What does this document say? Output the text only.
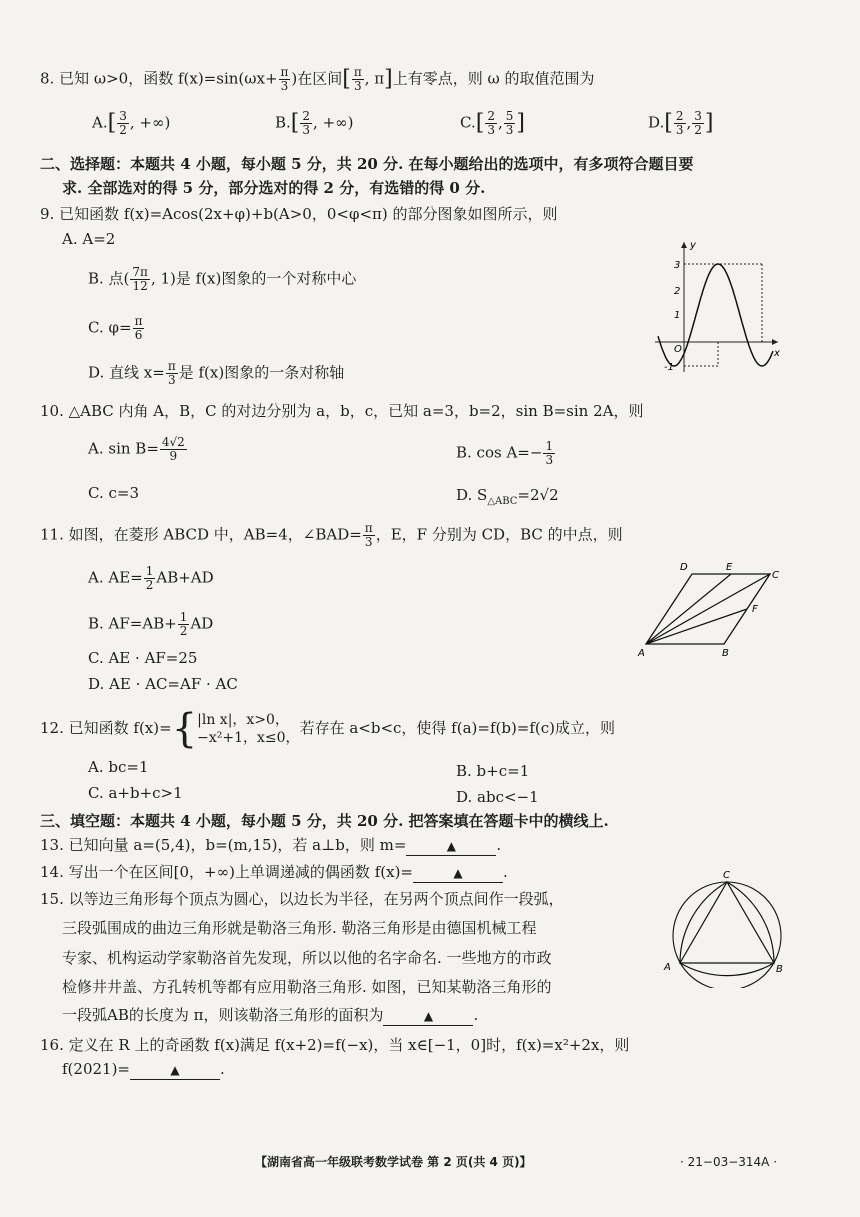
8. 已知 ω>0，函数 $f(x)=\sin(\omega x+ \frac{\pi}{3}$ )在区间[ $\frac{\pi}{3}$ , π]上有零点，则 ω 的取值范围为
$A.[ \frac{3}{2}$ , +∞)	$B.[ \frac{2}{3}$ , +∞)	$C.[ \frac{2}{3}$ , $\frac{5}{3}$ ]	$D.[ \frac{2}{3}$ , $\frac{3}{2}$ ]
二、选择题：本题共 4 小题，每小题 5 分，共 20 分. 在每小题给出的选项中，有多项符合题目要
求. 全部选对的得 5 分，部分选对的得 2 分，有选错的得 0 分.
9. 已知函数 f(x)=Acos(2x+φ)+b(A>0，0<φ<π) 的部分图象如图所示，则
A. A=2
B. 点( $\frac{7\pi}{12}$ , 1)是 f(x)图象的一个对称中心
C. $\varphi= \frac{\pi}{6}$
D. 直线 $x= \frac{\pi}{3}$ 是 f(x)图象的一条对称轴
y
x
O
3
2
1
-1
10. △ABC 内角 A，B，C 的对边分别为 a，b，c，已知 a=3，b=2，sin B=sin 2A，则
A. $\sin B= \frac{4√2}{9}$	B. $\cos A=- \frac{1}{3}$
C. c=3	D. $S_{\triangle ABC}=2√2$
11. 如图，在菱形 ABCD 中，AB=4，∠BAD= $\frac{\pi}{3}$ ，E，F 分别为 CD，BC 的中点，则
A. $AE= \frac{1}{2} AB+AD$
B. $AF=AB+ \frac{1}{2}$ AD
C. AE · AF=25
D. AE · AC=AF · AC
A	B
C
D	E
F
12. 已知函数 f(x)= { |ln x|，x>0，
−x²+1，x≤0，
若存在 a<b<c，使得 f(a)=f(b)=f(c)成立，则
A. bc=1	B. b+c=1
C. a+b+c>1	D. abc<−1
三、填空题：本题共 4 小题，每小题 5 分，共 20 分. 把答案填在答题卡中的横线上.
13. 已知向量 a=(5,4)，b=(m,15)，若 a⊥b，则 m=	▲	.
14. 写出一个在区间[0，+∞)上单调递减的偶函数 f(x)=	▲	.
15. 以等边三角形每个顶点为圆心，以边长为半径，在另两个顶点间作一段弧，
三段弧围成的曲边三角形就是勒洛三角形. 勒洛三角形是由德国机械工程
专家、机构运动学家勒洛首先发现，所以以他的名字命名. 一些地方的市政
检修井井盖、方孔转机等都有应用勒洛三角形. 如图，已知某勒洛三角形的
一段弧AB的长度为 π，则该勒洛三角形的面积为	▲	.
C
A	B
16. 定义在 R 上的奇函数 f(x)满足 f(x+2)=f(−x)，当 x∈[−1，0]时，f(x)=x²+2x，则
f(2021)=	▲	.
【湖南省高一年级联考数学试卷 第 2 页(共 4 页)】	· 21−03−314A ·
